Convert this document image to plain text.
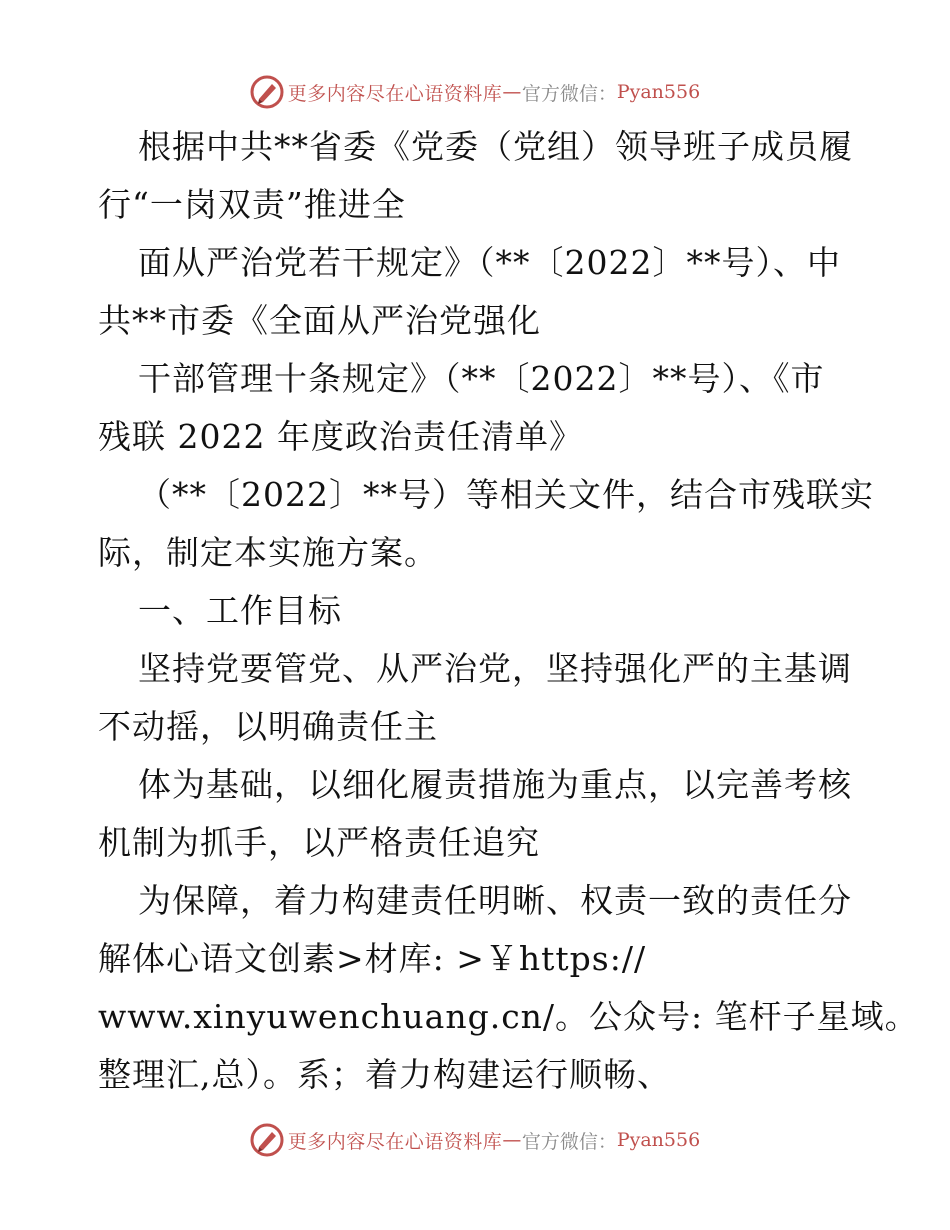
更多内容尽在心语资料库 — 官方微信： Pyan556
根据中共**省委《党委（党组）领导班子成员履
行“一岗双责”推进全
面从严治党若干规定》（**〔2022〕**号）、中
共**市委《全面从严治党强化
干部管理十条规定》（**〔2022〕**号）、《市
残联 2022 年度政治责任清单》
（**〔2022〕**号）等相关文件，结合市残联实
际，制定本实施方案。
一、工作目标
坚持党要管党、从严治党，坚持强化严的主基调
不动摇，以明确责任主
体为基础，以细化履责措施为重点，以完善考核
机制为抓手，以严格责任追究
为保障，着力构建责任明晰、权责一致的责任分
解体心语文创素>材库: >￥https://
www.xinyuwenchuang.cn/。公众号: 笔杆子星域。
整理汇,总）。系；着力构建运行顺畅、
更多内容尽在心语资料库 — 官方微信： Pyan556
